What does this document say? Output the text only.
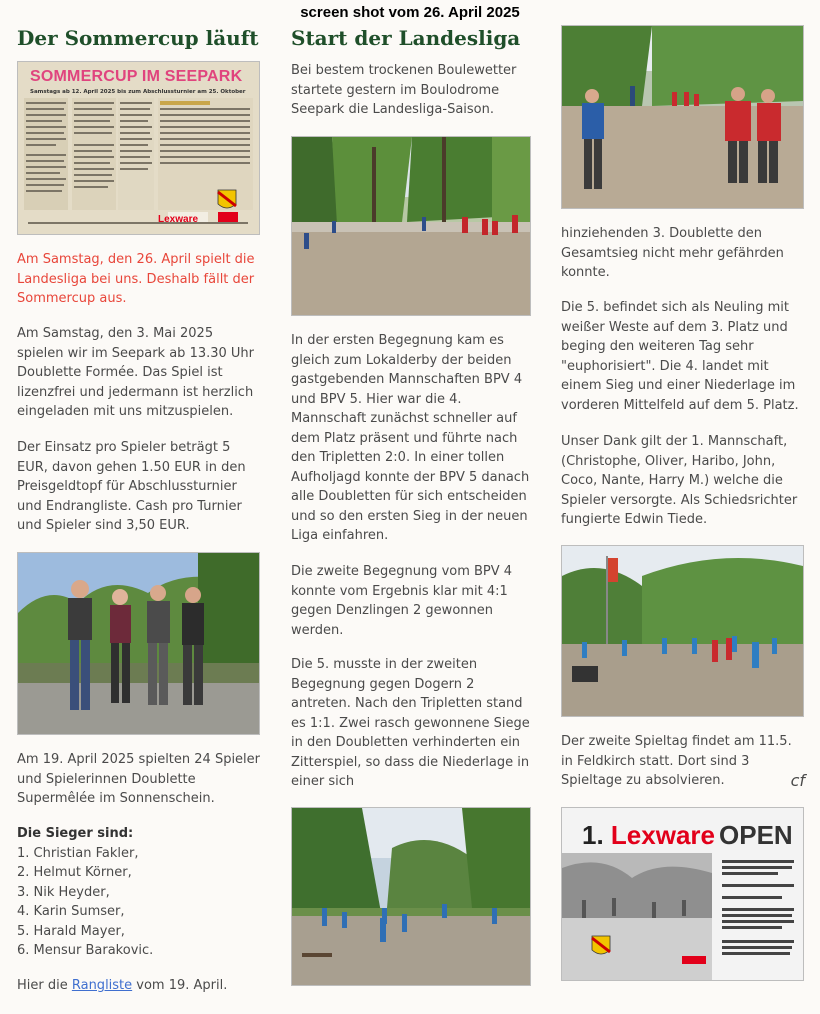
screen shot vom 26. April 2025
Der Sommercup läuft
SOMMERCUP IM SEEPARK
Samstags ab 12. April 2025 bis zum Abschlussturnier am 25. Oktober
Lexware

Am Samstag, den 26. April spielt die Landesliga bei uns. Deshalb fällt der Sommercup aus.

Am Samstag, den 3. Mai 2025 spielen wir im Seepark ab 13.30 Uhr Doublette Formée. Das Spiel ist lizenzfrei und jedermann ist herzlich eingeladen mit uns mitzuspielen.

Der Einsatz pro Spieler beträgt 5 EUR, davon gehen 1.50 EUR in den Preisgeldtopf für Abschlussturnier und Endrangliste. Cash pro Turnier und Spieler sind 3,50 EUR.

Am 19. April 2025 spielten 24 Spieler und Spielerinnen Doublette Supermêlée im Sonnenschein.

Die Sieger sind:
1. Christian Fakler,
2. Helmut Körner,
3. Nik Heyder,
4. Karin Sumser,
5. Harald Mayer,
6. Mensur Barakovic.

Hier die Rangliste vom 19. April.

Start der Landesliga

Bei bestem trockenen Boulewetter startete gestern im Boulodrome Seepark die Landesliga-Saison.

In der ersten Begegnung kam es gleich zum Lokalderby der beiden gastgebenden Mannschaften BPV 4 und BPV 5. Hier war die 4. Mannschaft zunächst schneller auf dem Platz präsent und führte nach den Tripletten 2:0. In einer tollen Aufholjagd konnte der BPV 5 danach alle Doubletten für sich entscheiden und so den ersten Sieg in der neuen Liga einfahren.

Die zweite Begegnung vom BPV 4 konnte vom Ergebnis klar mit 4:1 gegen Denzlingen 2 gewonnen werden.

Die 5. musste in der zweiten Begegnung gegen Dogern 2 antreten. Nach den Tripletten stand es 1:1. Zwei rasch gewonnene Siege in den Doubletten verhinderten ein Zitterspiel, so dass die Niederlage in einer sich

hinziehenden 3. Doublette den Gesamtsieg nicht mehr gefährden konnte.

Die 5. befindet sich als Neuling mit weißer Weste auf dem 3. Platz und beging den weiteren Tag sehr "euphorisiert". Die 4. landet mit einem Sieg und einer Niederlage im vorderen Mittelfeld auf dem 5. Platz.

Unser Dank gilt der 1. Mannschaft, (Christophe, Oliver, Haribo, John, Coco, Nante, Harry M.) welche die Spieler versorgte. Als Schiedsrichter fungierte Edwin Tiede.

Der zweite Spieltag findet am 11.5. in Feldkirch statt. Dort sind 3 Spieltage zu absolvieren.	cf
1. Lexware OPEN
